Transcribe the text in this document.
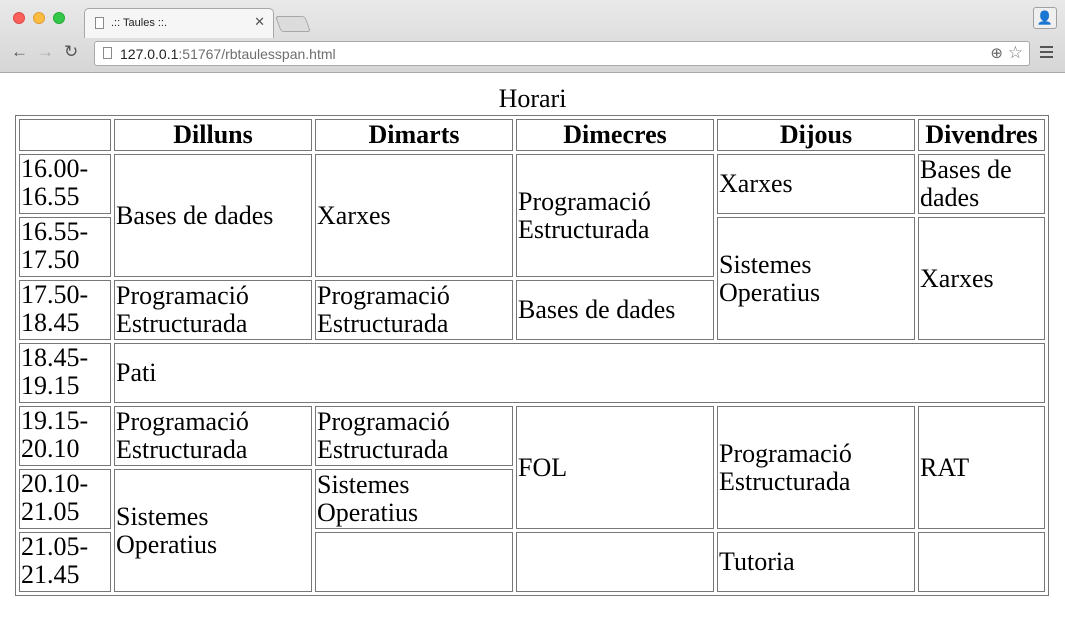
.:: Taules ::.	✕	👤
← → ↻	127.0.0.1:51767/rbtaulesspan.html	⊕ ☆
Horari
	Dilluns	Dimarts	Dimecres	Dijous	Divendres
16.00-
16.55	Bases de dades	Xarxes	Programació Estructurada	Xarxes	Bases de dades
16.55-
17.50				Sistemes Operatius	Xarxes
17.50-
18.45	Programació Estructurada	Programació Estructurada	Bases de dades		
18.45-
19.15	Pati				
19.15-
20.10	Programació Estructurada	Programació Estructurada	FOL	Programació Estructurada	RAT
20.10-
21.05	Sistemes Operatius	Sistemes Operatius			
21.05-
21.45				Tutoria	
